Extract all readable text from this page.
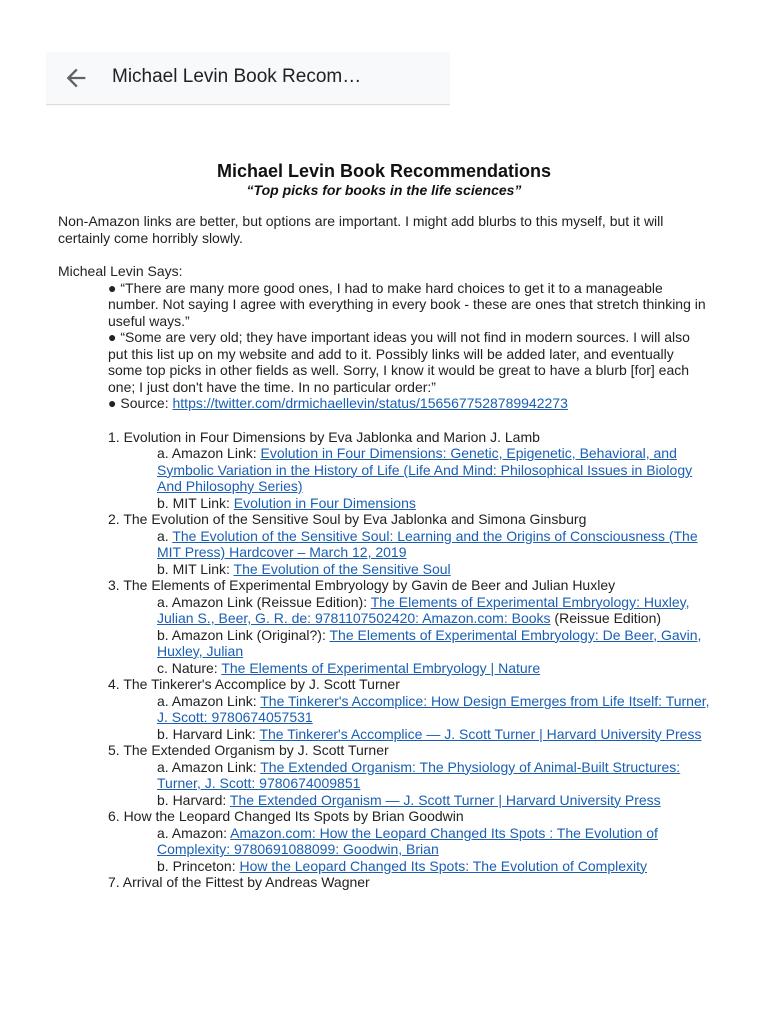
Michael Levin Book Recom…
Michael Levin Book Recommendations
“Top picks for books in the life sciences”

Non-Amazon links are better, but options are important. I might add blurbs to this myself, but it will certainly come horribly slowly.

Micheal Levin Says:

● “There are many more good ones, I had to make hard choices to get it to a manageable number. Not saying I agree with everything in every book - these are ones that stretch thinking in useful ways.”

● “Some are very old; they have important ideas you will not find in modern sources. I will also put this list up on my website and add to it. Possibly links will be added later, and eventually some top picks in other fields as well. Sorry, I know it would be great to have a blurb [for] each one; I just don't have the time. In no particular order:”

● Source: https://twitter.com/drmichaellevin/status/1565677528789942273

1. Evolution in Four Dimensions by Eva Jablonka and Marion J. Lamb

a. Amazon Link: Evolution in Four Dimensions: Genetic, Epigenetic, Behavioral, and Symbolic Variation in the History of Life (Life And Mind: Philosophical Issues in Biology And Philosophy Series)

b. MIT Link: Evolution in Four Dimensions

2. The Evolution of the Sensitive Soul by Eva Jablonka and Simona Ginsburg

a. The Evolution of the Sensitive Soul: Learning and the Origins of Consciousness (The MIT Press) Hardcover – March 12, 2019

b. MIT Link: The Evolution of the Sensitive Soul

3. The Elements of Experimental Embryology by Gavin de Beer and Julian Huxley

a. Amazon Link (Reissue Edition): The Elements of Experimental Embryology: Huxley, Julian S., Beer, G. R. de: 9781107502420: Amazon.com: Books (Reissue Edition)

b. Amazon Link (Original?): The Elements of Experimental Embryology: De Beer, Gavin, Huxley, Julian

c. Nature: The Elements of Experimental Embryology | Nature

4. The Tinkerer's Accomplice by J. Scott Turner

a. Amazon Link: The Tinkerer's Accomplice: How Design Emerges from Life Itself: Turner, J. Scott: 9780674057531

b. Harvard Link: The Tinkerer's Accomplice — J. Scott Turner | Harvard University Press

5. The Extended Organism by J. Scott Turner

a. Amazon Link: The Extended Organism: The Physiology of Animal-Built Structures: Turner, J. Scott: 9780674009851

b. Harvard: The Extended Organism — J. Scott Turner | Harvard University Press

6. How the Leopard Changed Its Spots by Brian Goodwin

a. Amazon: Amazon.com: How the Leopard Changed Its Spots : The Evolution of Complexity: 9780691088099: Goodwin, Brian

b. Princeton: How the Leopard Changed Its Spots: The Evolution of Complexity

7. Arrival of the Fittest by Andreas Wagner
